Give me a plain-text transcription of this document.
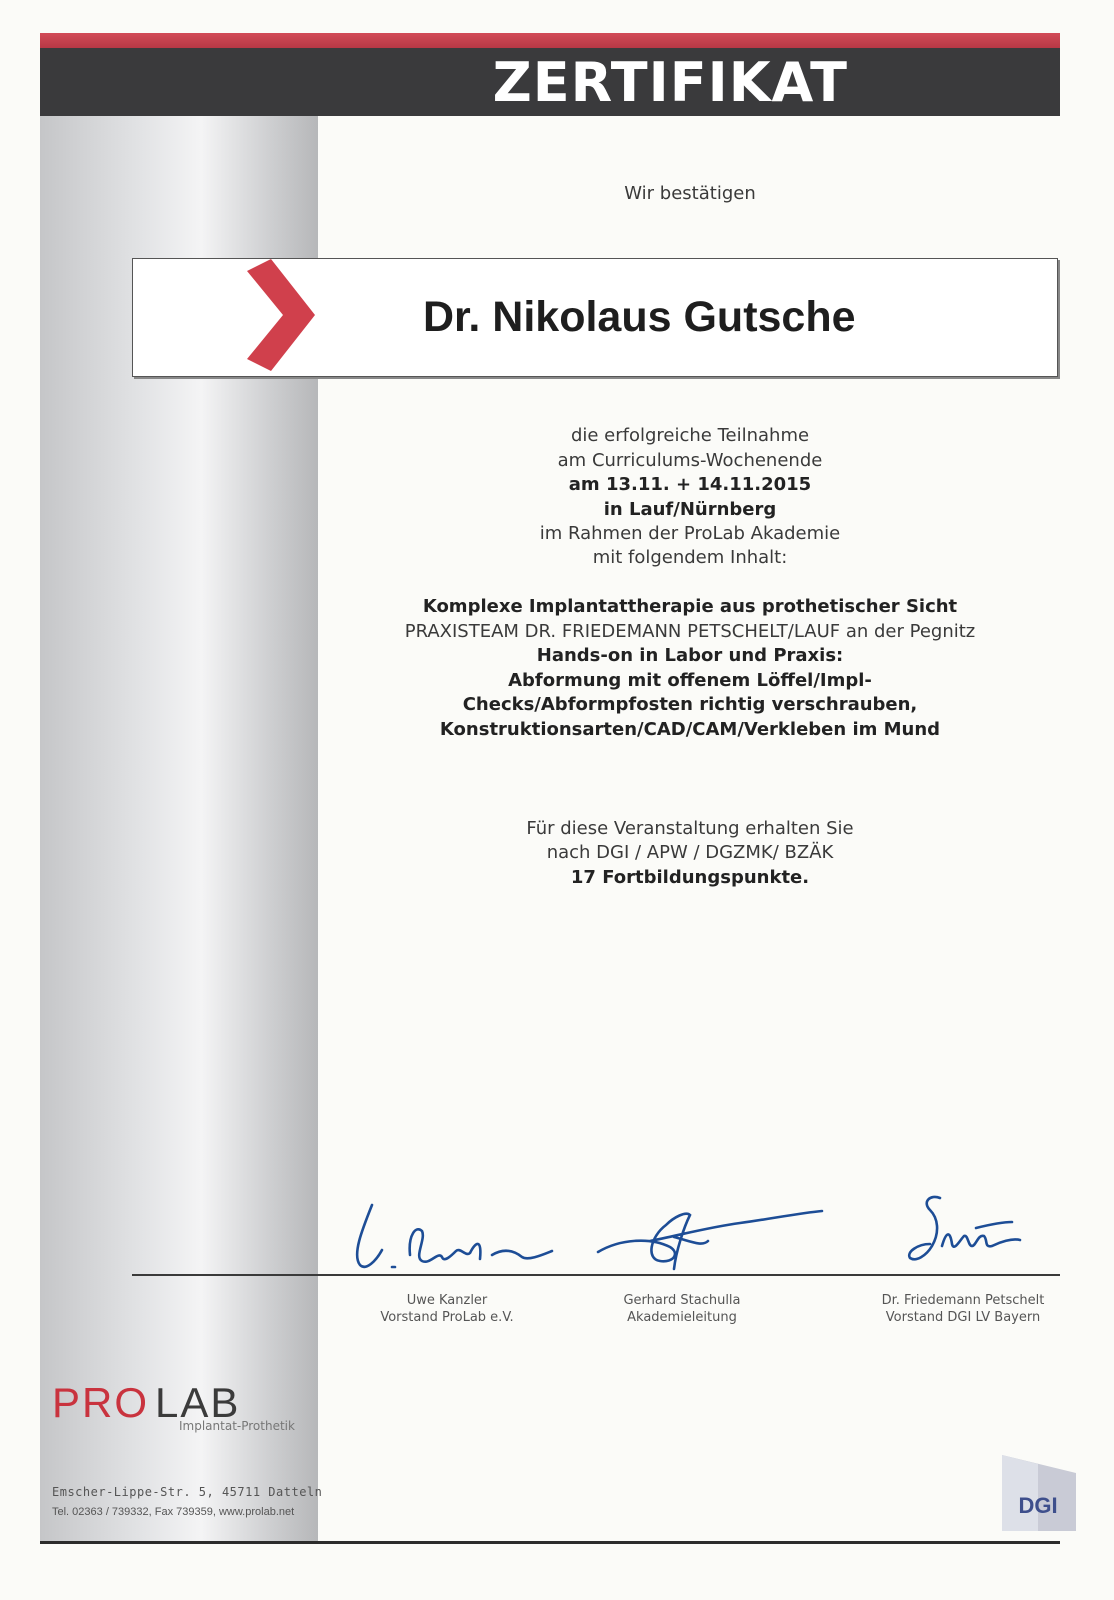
ZERTIFIKAT
Wir bestätigen
Dr. Nikolaus Gutsche
die erfolgreiche Teilnahme
am Curriculums-Wochenende
am 13.11. + 14.11.2015
in Lauf/Nürnberg
im Rahmen der ProLab Akademie
mit folgendem Inhalt:
Komplexe Implantattherapie aus prothetischer Sicht
PRAXISTEAM DR. FRIEDEMANN PETSCHELT/LAUF an der Pegnitz
Hands-on in Labor und Praxis:
Abformung mit offenem Löffel/Impl-
Checks/Abformpfosten richtig verschrauben,
Konstruktionsarten/CAD/CAM/Verkleben im Mund
Für diese Veranstaltung erhalten Sie
nach DGI / APW / DGZMK/ BZÄK
17 Fortbildungspunkte.
Uwe Kanzler
Vorstand ProLab e.V.
Gerhard Stachulla
Akademieleitung
Dr. Friedemann Petschelt
Vorstand DGI LV Bayern
PRO LAB
Implantat-Prothetik
Emscher-Lippe-Str. 5, 45711 Datteln
Tel. 02363 / 739332, Fax 739359, www.prolab.net	DGI
